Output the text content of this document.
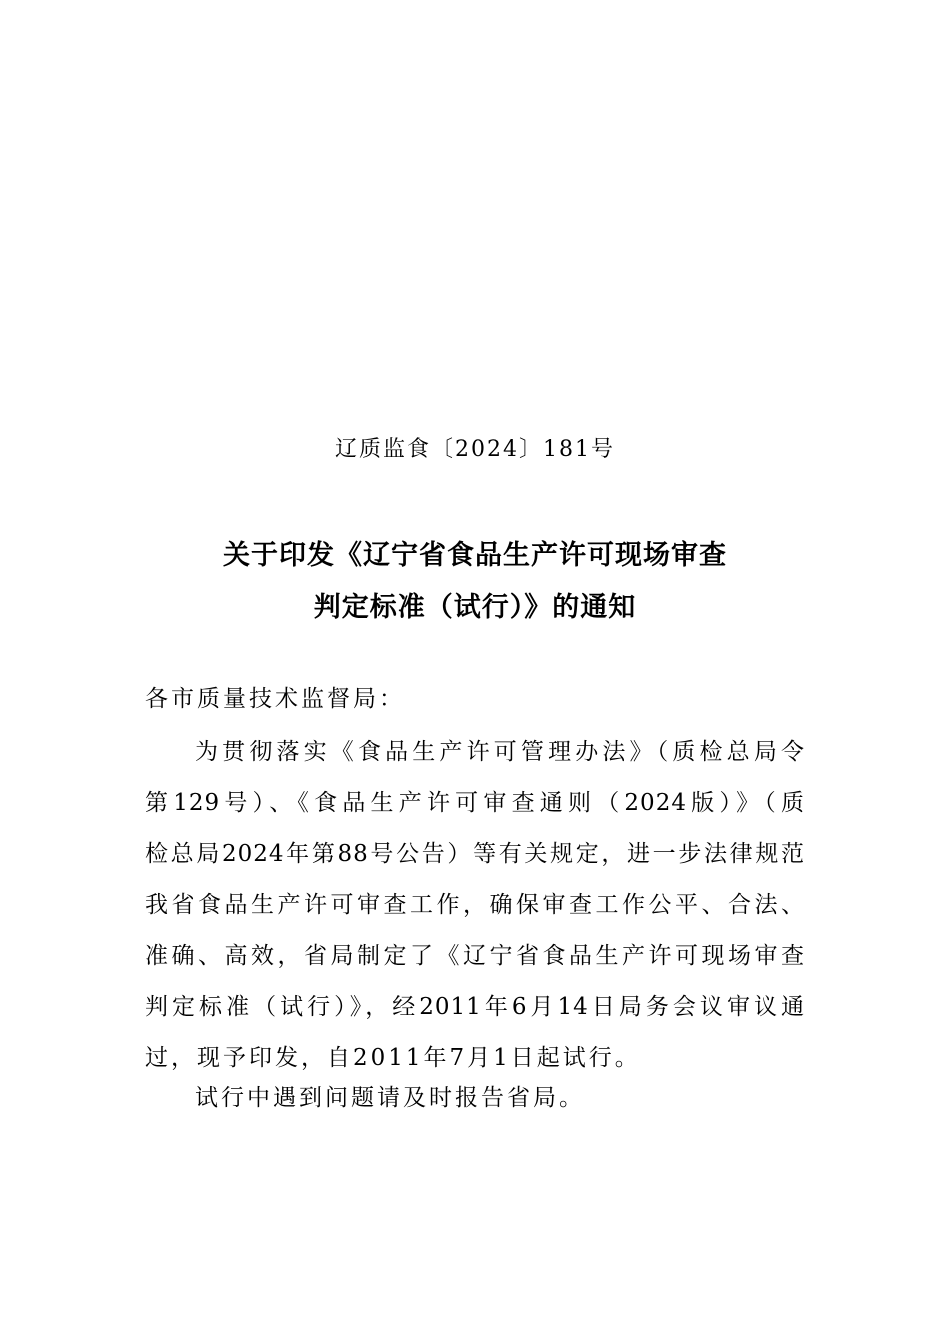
辽质监食〔2024〕181号
关于印发《辽宁省食品生产许可现场审查
判定标准（试行）》的通知
各市质量技术监督局：
为贯彻落实《食品生产许可管理办法》（质检总局令
第129号）、《食品生产许可审查通则（2024版）》（质
检总局2024年第88号公告）等有关规定，进一步法律规范
我省食品生产许可审查工作，确保审查工作公平、合法、
准确、高效，省局制定了《辽宁省食品生产许可现场审查
判定标准（试行）》，经2011年6月14日局务会议审议通
过，现予印发，自2011年7月1日起试行。
试行中遇到问题请及时报告省局。
